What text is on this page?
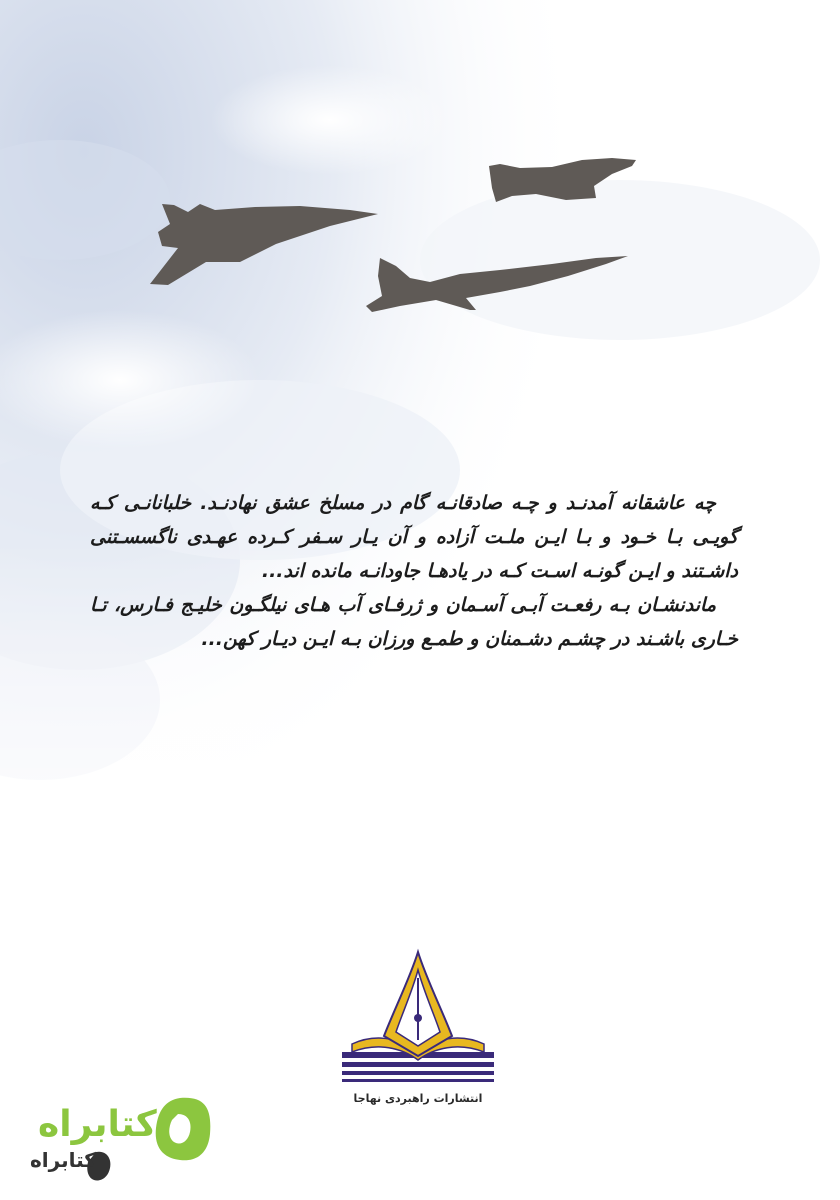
چه عاشقانه آمدنـد و چـه صادقانـه گام در مسلخ عشق نهادنـد. خلبانانـی کـه گویـی بـا خـود و بـا ایـن ملـت آزاده و آن یـار سـفر کـرده عهـدی ناگسسـتنی داشـتند و ایـن گونـه اسـت کـه در یادهـا جاودانـه مانده اند...

ماندنشـان بـه رفعـت آبـی آسـمان و ژرفـای آب هـای نیلگـون خلیـج فـارس، تـا خـاری باشـند در چشـم دشـمنان و طمـع ورزان بـه ایـن دیـار کهن...

انتشارات راهبردی نهاجا
کتابراه
کتابراه
